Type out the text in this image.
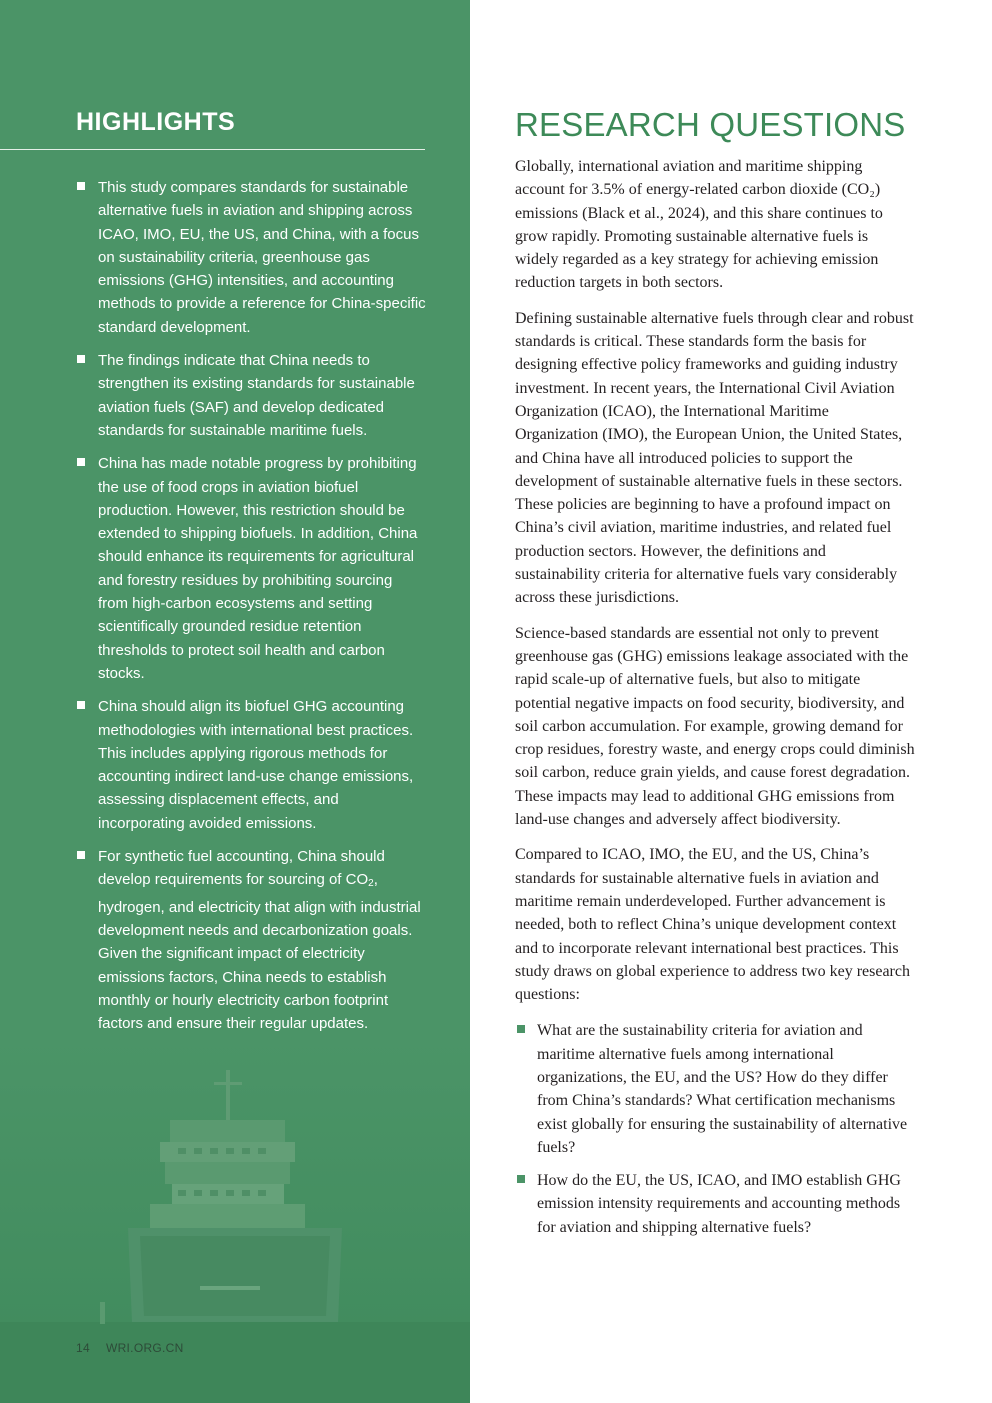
HIGHLIGHTS
This study compares standards for sustainable alternative fuels in aviation and shipping across ICAO, IMO, EU, the US, and China, with a focus on sustainability criteria, greenhouse gas emissions (GHG) intensities, and accounting methods to provide a reference for China-specific standard development.
The findings indicate that China needs to strengthen its existing standards for sustainable aviation fuels (SAF) and develop dedicated standards for sustainable maritime fuels.
China has made notable progress by prohibiting the use of food crops in aviation biofuel production. However, this restriction should be extended to shipping biofuels. In addition, China should enhance its requirements for agricultural and forestry residues by prohibiting sourcing from high-carbon ecosystems and setting scientifically grounded residue retention thresholds to protect soil health and carbon stocks.
China should align its biofuel GHG accounting methodologies with international best practices. This includes applying rigorous methods for accounting indirect land-use change emissions, assessing displacement effects, and incorporating avoided emissions.
For synthetic fuel accounting, China should develop requirements for sourcing of $CO_2$, hydrogen, and electricity that align with industrial development needs and decarbonization goals. Given the significant impact of electricity emissions factors, China needs to establish monthly or hourly electricity carbon footprint factors and ensure their regular updates.
14 WRI.ORG.CN
RESEARCH QUESTIONS

Globally, international aviation and maritime shipping account for 3.5% of energy-related carbon dioxide (CO₂) emissions (Black et al., 2024), and this share continues to grow rapidly. Promoting sustainable alternative fuels is widely regarded as a key strategy for achieving emission reduction targets in both sectors.

Defining sustainable alternative fuels through clear and robust standards is critical. These standards form the basis for designing effective policy frameworks and guiding industry investment. In recent years, the International Civil Aviation Organization (ICAO), the International Maritime Organization (IMO), the European Union, the United States, and China have all introduced policies to support the development of sustainable alternative fuels in these sectors. These policies are beginning to have a profound impact on China’s civil aviation, maritime industries, and related fuel production sectors. However, the definitions and sustainability criteria for alternative fuels vary considerably across these jurisdictions.

Science-based standards are essential not only to prevent greenhouse gas (GHG) emissions leakage associated with the rapid scale-up of alternative fuels, but also to mitigate potential negative impacts on food security, biodiversity, and soil carbon accumulation. For example, growing demand for crop residues, forestry waste, and energy crops could diminish soil carbon, reduce grain yields, and cause forest degradation. These impacts may lead to additional GHG emissions from land-use changes and adversely affect biodiversity.

Compared to ICAO, IMO, the EU, and the US, China’s standards for sustainable alternative fuels in aviation and maritime remain underdeveloped. Further advancement is needed, both to reflect China’s unique development context and to incorporate relevant international best practices. This study draws on global experience to address two key research questions:

What are the sustainability criteria for aviation and maritime alternative fuels among international organizations, the EU, and the US? How do they differ from China’s standards? What certification mechanisms exist globally for ensuring the sustainability of alternative fuels?
How do the EU, the US, ICAO, and IMO establish GHG emission intensity requirements and accounting methods for aviation and shipping alternative fuels?
